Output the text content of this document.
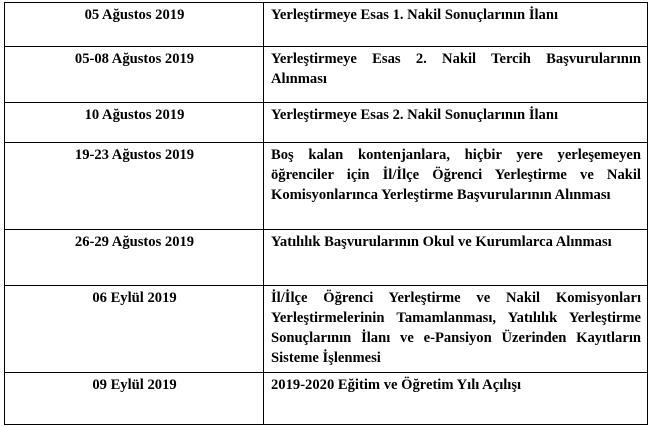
05 Ağustos 2019	Yerleştirmeye Esas 1. Nakil Sonuçlarının İlanı
05-08 Ağustos 2019	Yerleştirmeye Esas 2. Nakil Tercih Başvurularının Alınması
10 Ağustos 2019	Yerleştirmeye Esas 2. Nakil Sonuçlarının İlanı
19-23 Ağustos 2019	Boş kalan kontenjanlara, hiçbir yere yerleşemeyen öğrenciler için İl/İlçe Öğrenci Yerleştirme ve Nakil Komisyonlarınca Yerleştirme Başvurularının Alınması
26-29 Ağustos 2019	Yatılılık Başvurularının Okul ve Kurumlarca Alınması
06 Eylül 2019	İl/İlçe Öğrenci Yerleştirme ve Nakil Komisyonları Yerleştirmelerinin Tamamlanması, Yatılılık Yerleştirme Sonuçlarının İlanı ve e-Pansiyon Üzerinden Kayıtların Sisteme İşlenmesi
09 Eylül 2019	2019-2020 Eğitim ve Öğretim Yılı Açılışı
